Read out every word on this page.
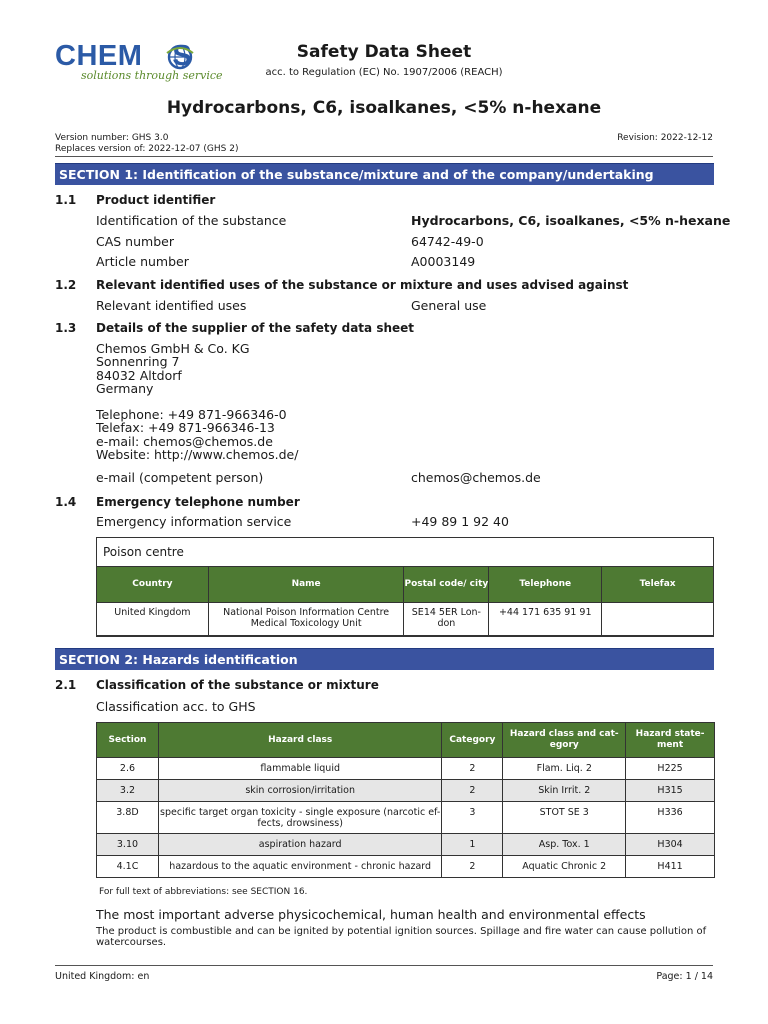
CHEM S
solutions through service
Safety Data Sheet
acc. to Regulation (EC) No. 1907/2006 (REACH)
Hydrocarbons, C6, isoalkanes, <5% n-hexane
Version number: GHS 3.0
Replaces version of: 2022-12-07 (GHS 2)
Revision: 2022-12-12
SECTION 1: Identification of the substance/mixture and of the company/undertaking
1.1 Product identifier
Identification of the substance	Hydrocarbons, C6, isoalkanes, <5% n-hexane
CAS number	64742-49-0
Article number	A0003149
1.2 Relevant identified uses of the substance or mixture and uses advised against
Relevant identified uses	General use
1.3 Details of the supplier of the safety data sheet
Chemos GmbH & Co. KG
Sonnenring 7
84032 Altdorf
Germany
Telephone: +49 871-966346-0
Telefax: +49 871-966346-13
e-mail: chemos@chemos.de
Website: http://www.chemos.de/
e-mail (competent person)	chemos@chemos.de
1.4 Emergency telephone number
Emergency information service	+49 89 1 92 40
Poison centre
Country	Name	Postal code/ city	Telephone	Telefax
United Kingdom	National Poison Information Centre Medical Toxicology Unit	SE14 5ER Lon- don	+44 171 635 91 91	
SECTION 2: Hazards identification
2.1 Classification of the substance or mixture
Classification acc. to GHS
Section	Hazard class	Category	Hazard class and cat- egory	Hazard state- ment
2.6	flammable liquid	2	Flam. Liq. 2	H225
3.2	skin corrosion/irritation	2	Skin Irrit. 2	H315
3.8D	specific target organ toxicity - single exposure (narcotic ef- fects, drowsiness)	3	STOT SE 3	H336
3.10	aspiration hazard	1	Asp. Tox. 1	H304
4.1C	hazardous to the aquatic environment - chronic hazard	2	Aquatic Chronic 2	H411
For full text of abbreviations: see SECTION 16.
The most important adverse physicochemical, human health and environmental effects
The product is combustible and can be ignited by potential ignition sources. Spillage and fire water can cause pollution of watercourses.
United Kingdom: en	Page: 1 / 14
